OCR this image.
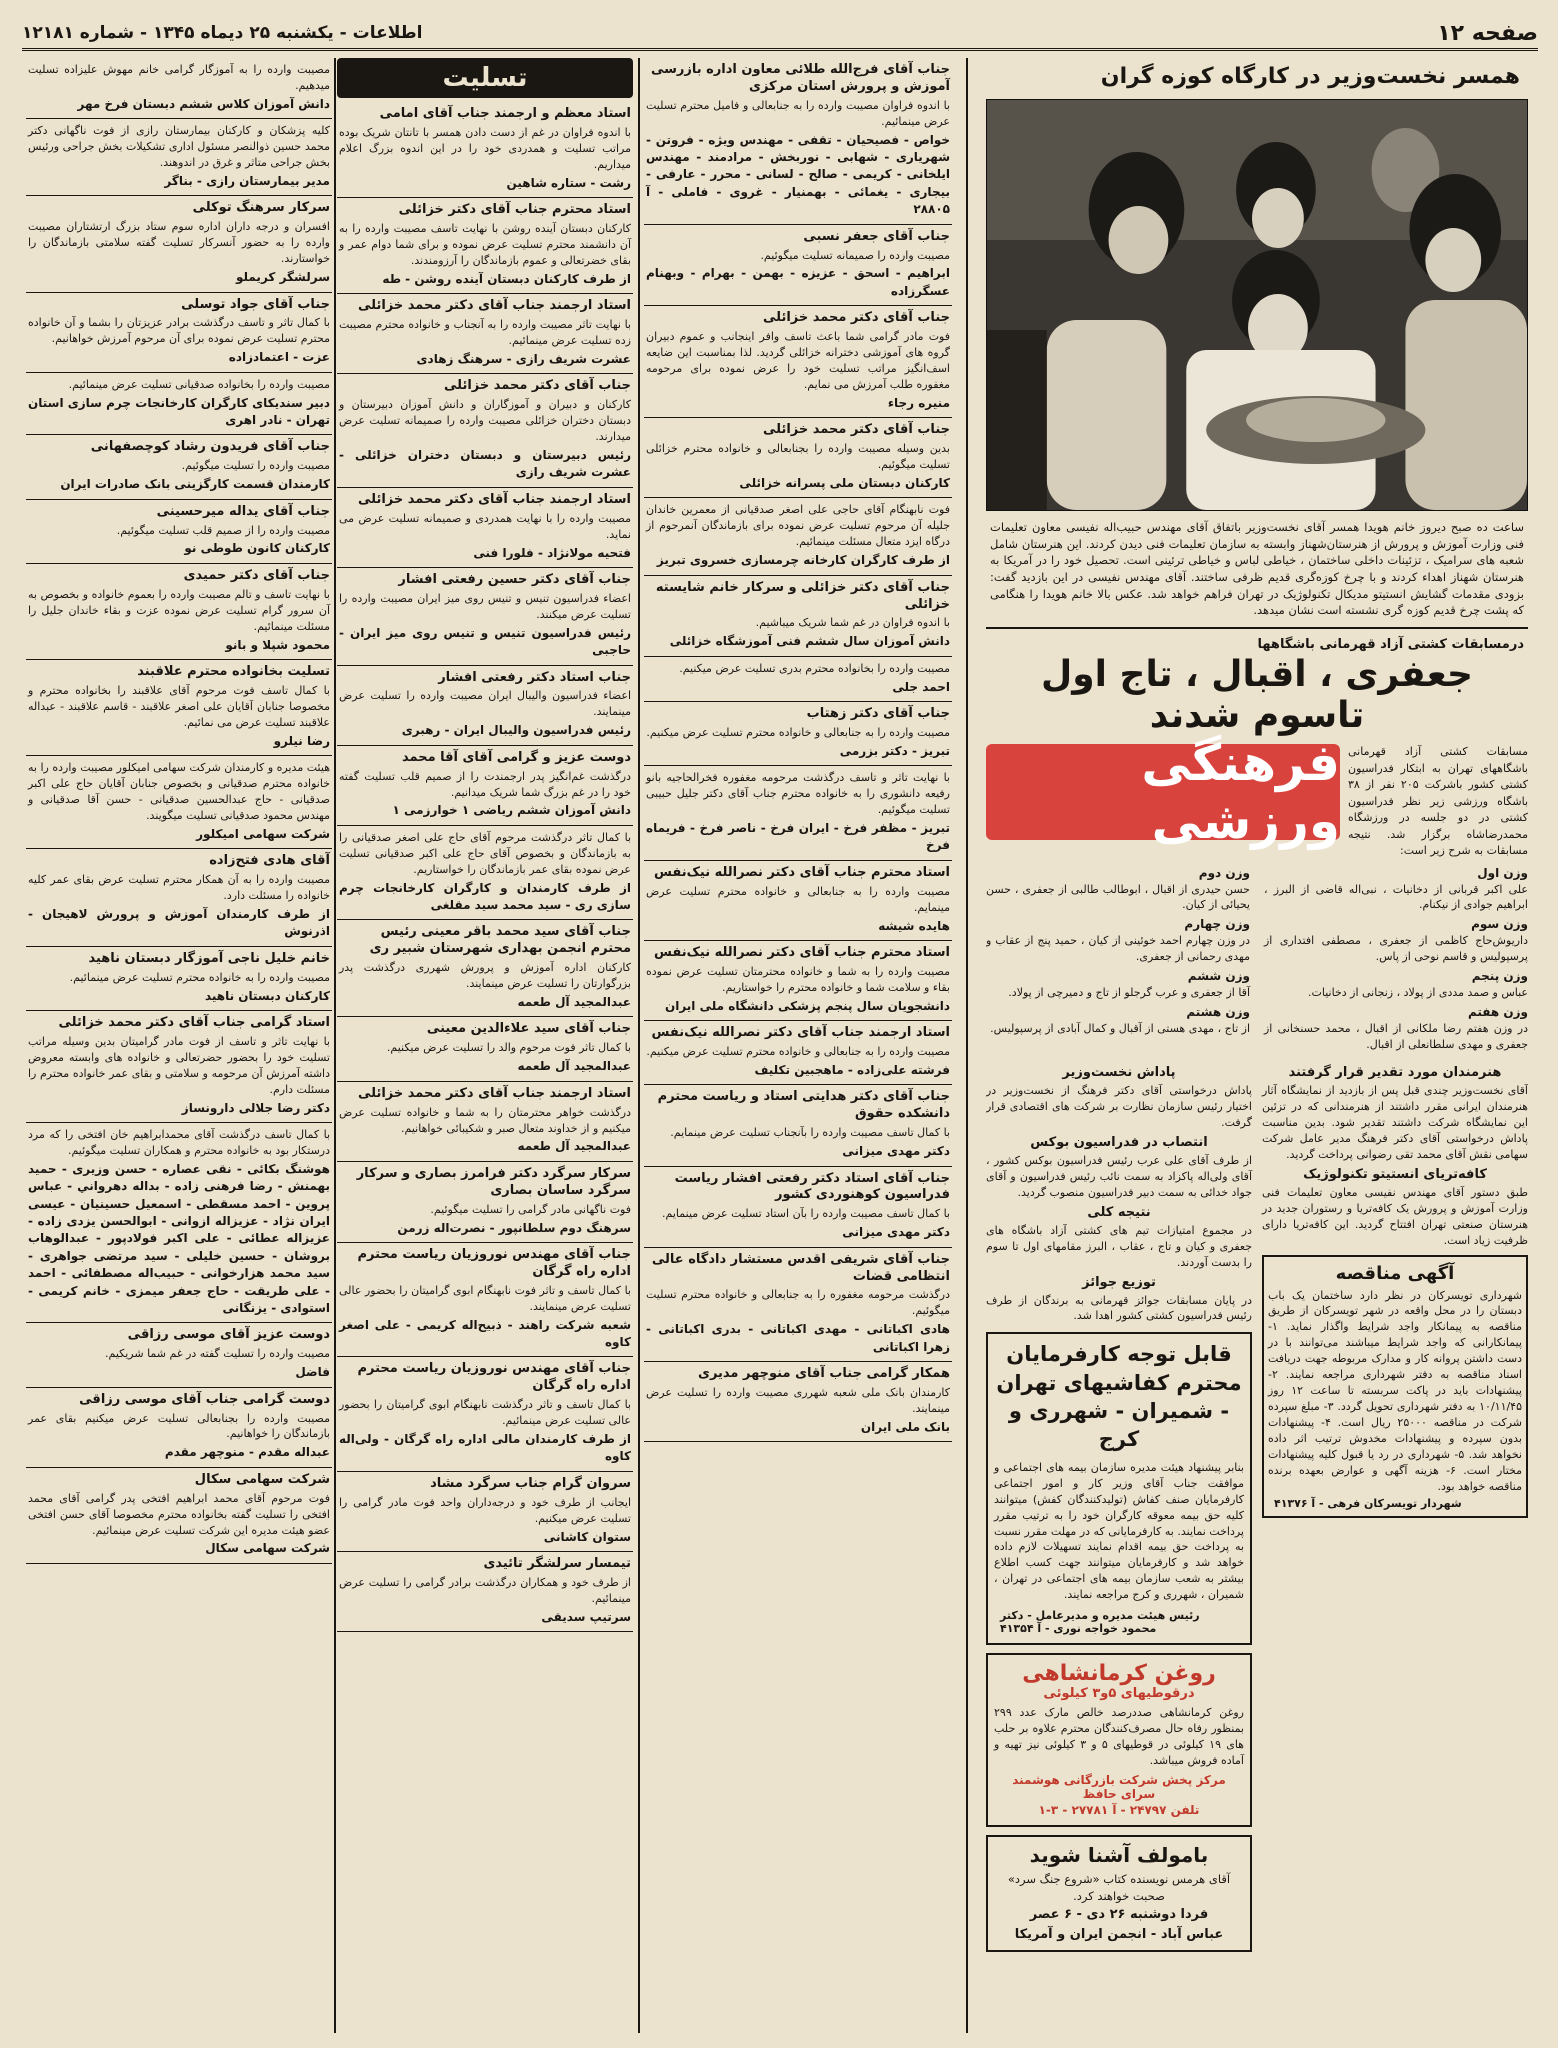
صفحه ۱۲
اطلاعات - یکشنبه ۲۵ دیماه ۱۳۴۵ - شماره ۱۲۱۸۱
همسر نخست‌وزیر در کارگاه کوزه گران
ساعت ده صبح دیروز خانم هویدا همسر آقای نخست‌وزیر باتفاق آقای مهندس حبیب‌اله نفیسی معاون تعلیمات فنی وزارت آموزش و پرورش از هنرستان‌شهناز وابسته به سازمان تعلیمات فنی دیدن کردند. این هنرستان شامل شعبه های سرامیک ، تزئینات داخلی ساختمان ، خیاطی لباس و خیاطی ترئینی است. تحصیل خود را در آمریکا به هنرستان شهناز اهداء کردند و با چرخ کوزه‌گری قدیم ظرفی ساختند. آقای مهندس نفیسی در این بازدید گفت: بزودی مقدمات گشایش انستیتو مدیکال تکنولوژیک در تهران فراهم خواهد شد. عکس بالا خانم هویدا را هنگامی که پشت چرخ قدیم کوزه گری نشسته است نشان میدهد.
درمسابقات کشتی آزاد قهرمانی باشگاهها
جعفری ، اقبال ، تاج اول تاسوم شدند
مسابقات کشتی آزاد قهرمانی باشگاههای تهران به ابتکار فدراسیون کشتی کشور باشرکت ۲۰۵ نفر از ۳۸ باشگاه ورزشی زیر نظر فدراسیون کشتی در دو جلسه در ورزشگاه محمدرضاشاه برگزار شد. نتیجه مسابقات به شرح زیر است:
فرهنگی ورزشی
وزن اول

علی اکبر قربانی از دخانیات ، نبی‌اله قاضی از البرز ، ابراهیم جوادی از نیکنام.

وزن دوم

حسن حیدری از اقبال ، ابوطالب طالبی از جعفری ، حسن یحیائی از کیان.

وزن سوم

داریوش‌حاج کاظمی از جعفری ، مصطفی افتداری از پرسپولیس و قاسم نوحی از پاس.

وزن چهارم

در وزن چهارم احمد خوئینی از کیان ، حمید پنج از عقاب و مهدی رحمانی از جعفری.

وزن پنجم

عباس و صمد مددی از پولاد ، زنجانی از دخانیات.

وزن ششم

آقا از جعفری و عرب گرجلو از تاج و دمیرچی از پولاد.

وزن هفتم

در وزن هفتم رضا ملکانی از اقبال ، محمد حسنخانی از جعفری و مهدی سلطانعلی از اقبال.

وزن هشتم

از تاج ، مهدی هستی از آقبال و کمال آبادی از پرسپولیس.

هنرمندان مورد تقدیر قرار گرفتند

آقای نخست‌وزیر چندی قبل پس از بازدید از نمایشگاه آثار هنرمندان ایرانی مقرر داشتند از هنرمندانی که در تزئین این نمایشگاه شرکت داشتند تقدیر شود. بدین مناسبت پاداش درخواستی آقای دکتر فرهنگ مدیر عامل شرکت سهامی نقش آقای محمد تقی رضوانی پرداخت گردید.

کافه‌تریای انستیتو تکنولوژیک

طبق دستور آقای مهندس نفیسی معاون تعلیمات فنی وزارت آموزش و پرورش یک کافه‌تریا و رستوران جدید در هنرستان صنعتی تهران افتتاح گردید. این کافه‌تریا دارای ظرفیت زیاد است.

آگهی مناقصه

شهرداری تویسرکان در نظر دارد ساختمان یک باب دبستان را در محل واقعه در شهر تویسرکان از طریق مناقصه به پیمانکار واجد شرایط واگذار نماید. ۱- پیمانکارانی که واجد شرایط میباشند می‌توانند با در دست داشتن پروانه کار و مدارک مربوطه جهت دریافت اسناد مناقصه به دفتر شهرداری مراجعه نمایند. ۲- پیشنهادات باید در پاکت سربسته تا ساعت ۱۲ روز ۱۰/۱۱/۴۵ به دفتر شهرداری تحویل گردد. ۳- مبلغ سپرده شرکت در مناقصه ۲۵۰۰۰ ریال است. ۴- پیشنهادات بدون سپرده و پیشنهادات مخدوش ترتیب اثر داده نخواهد شد. ۵- شهرداری در رد یا قبول کلیه پیشنهادات مختار است. ۶- هزینه آگهی و عوارض بعهده برنده مناقصه خواهد بود.

شهردار تویسرکان فرهی - آ ۴۱۳۷۶
پاداش نخست‌وزیر

پاداش درخواستی آقای دکتر فرهنگ از نخست‌وزیر در اختیار رئیس سازمان نظارت بر شرکت های اقتصادی قرار گرفت.

انتصاب در فدراسیون بوکس

از طرف آقای علی عرب رئیس فدراسیون بوکس کشور ، آقای ولی‌اله پاکزاد به سمت نائب رئیس فدراسیون و آقای جواد خدائی به سمت دبیر فدراسیون منصوب گردید.

نتیجه کلی

در مجموع امتیازات تیم های کشتی آزاد باشگاه های جعفری و کیان و تاج ، عقاب ، البرز مقامهای اول تا سوم را بدست آوردند.

توزیع جوائز

در پایان مسابقات جوائز قهرمانی به برندگان از طرف رئیس فدراسیون کشتی کشور اهدا شد.

قابل توجه کارفرمایان محترم کفاشیهای تهران - شمیران - شهرری و کرج

بنابر پیشنهاد هیئت مدیره سازمان بیمه های اجتماعی و موافقت جناب آقای وزیر کار و امور اجتماعی کارفرمایان صنف کفاش (تولیدکنندگان کفش) میتوانند کلیه حق بیمه معوقه کارگران خود را به ترتیب مقرر پرداخت نمایند. به کارفرمایانی که در مهلت مقرر نسبت به پرداخت حق بیمه اقدام نمایند تسهیلات لازم داده خواهد شد و کارفرمایان میتوانند جهت کسب اطلاع بیشتر به شعب سازمان بیمه های اجتماعی در تهران ، شمیران ، شهرری و کرج مراجعه نمایند.

رئیس هیئت مدیره و مدیرعامل - دکتر محمود خواجه نوری - آ ۴۱۳۵۴
روغن کرمانشاهی
درقوطیهای ۵و۳ کیلوئی

روغن کرمانشاهی صددرصد خالص مارک عدد ۲۹۹ بمنظور رفاه حال مصرف‌کنندگان محترم علاوه بر حلب های ۱۹ کیلوئی در قوطیهای ۵ و ۳ کیلوئی نیز تهیه و آماده فروش میباشد.

مرکز پخش شرکت بازرگانی هوشمند سرای حافظ
تلفن ۲۴۷۹۷ - آ ۲۷۷۸۱ - ۳-۱
بامولف آشنا شوید

آقای هرمس نویسنده کتاب «شروع جنگ سرد» صحبت خواهند کرد.

فردا دوشنبه ۲۶ دی - ۶ عصر

عباس آباد - انجمن ایران و آمریکا

جناب آقای فرج‌الله طلائی معاون اداره بازرسی آموزش و پرورش استان مرکزی

با اندوه فراوان مصیبت وارده را به جنابعالی و فامیل محترم تسلیت عرض مینمائیم.

خواص - فصیحیان - تقفی - مهندس ویژه - فروتن - شهریاری - شهابی - نوربخش - مرادمند - مهندس ایلخانی - کریمی - صالح - لسانی - محرر - عارفی - بیجاری - یغمائی - بهمنیار - غروی - فاملی - آ ۲۸۸۰۵

جناب آقای جعفر نسبی

مصیبت وارده را صمیمانه تسلیت میگوئیم.

ابراهیم - اسحق - عزیزه - بهمن - بهرام - وبهنام عسگرزاده

جناب آقای دکتر محمد خزائلی

فوت مادر گرامی شما باعث تاسف وافر اینجانب و عموم دبیران گروه های آموزشی دخترانه خزائلی گردید. لذا بمناسبت این ضایعه اسف‌انگیز مراتب تسلیت خود را عرض نموده برای مرحومه مغفوره طلب آمرزش می نمایم.

منیره رجاء

جناب آقای دکتر محمد خزائلی

بدین وسیله مصیبت وارده را بجنابعالی و خانواده محترم خزائلی تسلیت میگوئیم.

کارکنان دبستان ملی پسرانه خزائلی

فوت نابهنگام آقای حاجی علی اصغر صدقیانی از معمرین خاندان جلیله آن مرحوم تسلیت عرض نموده برای بازماندگان آنمرحوم از درگاه ایزد متعال مسئلت مینمائیم.

از طرف کارگران کارخانه چرمسازی خسروی تبریز

جناب آقای دکتر خزائلی و سرکار خانم شایسته خزائلی

با اندوه فراوان در غم شما شریک میباشیم.

دانش آموزان سال ششم فنی آموزشگاه خزائلی

مصیبت وارده را بخانواده محترم بدری تسلیت عرض میکنیم.

احمد جلی

جناب آقای دکتر زهتاب

مصیبت وارده را به جنابعالی و خانواده محترم تسلیت عرض میکنیم.

تبریز - دکتر بزرمی

با نهایت تاثر و تاسف درگذشت مرحومه مغفوره فخرالحاجیه بانو رفیعه دانشوری را به خانواده محترم جناب آقای دکتر جلیل حبیبی تسلیت میگوئیم.

تبریز - مظفر فرخ - ایران فرخ - ناصر فرخ - فریماه فرخ

استاد محترم جناب آقای دکتر نصرالله نیک‌نفس

مصیبت وارده را به جنابعالی و خانواده محترم تسلیت عرض مینمایم.

هایده شیشه

استاد محترم جناب آقای دکتر نصرالله نیک‌نفس

مصیبت وارده را به شما و خانواده محترمتان تسلیت عرض نموده بقاء و سلامت شما و خانواده محترم را خواستاریم.

دانشجویان سال پنجم پزشکی دانشگاه ملی ایران

استاد ارجمند جناب آقای دکتر نصرالله نیک‌نفس

مصیبت وارده را به جنابعالی و خانواده محترم تسلیت عرض میکنیم.

فرشته علی‌زاده - ماهجبین تکلیف

جناب آقای دکتر هدایتی استاد و ریاست محترم دانشکده حقوق

با کمال تاسف مصیبت وارده را بآنجناب تسلیت عرض مینمایم.

دکتر مهدی میزانی

جناب آقای استاد دکتر رفعتی افشار ریاست فدراسیون کوهنوردی کشور

با کمال تاسف مصیبت وارده را بآن استاد تسلیت عرض مینمایم.

دکتر مهدی میزانی

جناب آقای شریفی اقدس مستشار دادگاه عالی انتظامی قضات

درگذشت مرحومه مغفوره را به جنابعالی و خانواده محترم تسلیت میگوئیم.

هادی اکباتانی - مهدی اکباتانی - بدری اکباتانی - زهرا اکباتانی

همکار گرامی جناب آقای منوچهر مدیری

کارمندان بانک ملی شعبه شهرری مصیبت وارده را تسلیت عرض مینمایند.

بانک ملی ایران

تسلیت
استاد معظم و ارجمند جناب آقای امامی

با اندوه فراوان در غم از دست دادن همسر با تانتان شریک بوده مراتب تسلیت و همدردی خود را در این اندوه بزرگ اعلام میداریم.

رشت - ستاره شاهین

استاد محترم جناب آقای دکتر خزائلی

کارکنان دبستان آینده روشن با نهایت تاسف مصیبت وارده را به آن دانشمند محترم تسلیت عرض نموده و برای شما دوام عمر و بقای خضرتعالی و عموم بازماندگان را آرزومندند.

از طرف کارکنان دبستان آینده روشن - طه

استاد ارجمند جناب آقای دکتر محمد خزائلی

با نهایت تاثر مصیبت وارده را به آنجناب و خانواده محترم مصیبت زده تسلیت عرض مینمائیم.

عشرت شریف رازی - سرهنگ زهادی

جناب آقای دکتر محمد خزائلی

کارکنان و دبیران و آموزگاران و دانش آموزان دبیرستان و دبستان دختران خزائلی مصیبت وارده را صمیمانه تسلیت عرض میدارند.

رئیس دبیرستان و دبستان دختران خزائلی - عشرت شریف رازی

استاد ارجمند جناب آقای دکتر محمد خزائلی

مصیبت وارده را با نهایت همدردی و صمیمانه تسلیت عرض می نماید.

فتحیه مولانژاد - فلورا فنی

جناب آقای دکتر حسین رفعتی افشار

اعضاء فدراسیون تنیس و تنیس روی میز ایران مصیبت وارده را تسلیت عرض میکنند.

رئیس فدراسیون تنیس و تنیس روی میز ایران - حاجبی

جناب استاد دکتر رفعتی افشار

اعضاء فدراسیون والیبال ایران مصیبت وارده را تسلیت عرض مینمایند.

رئیس فدراسیون والیبال ایران - رهبری

دوست عزیز و گرامی آقای آقا محمد

درگذشت غم‌انگیز پدر ارجمندت را از صمیم قلب تسلیت گفته خود را در غم بزرگ شما شریک میدانیم.

دانش آموزان ششم ریاضی ۱ خوارزمی ۱

با کمال تاثر درگذشت مرحوم آقای حاج علی اصغر صدقیانی را به بازماندگان و بخصوص آقای حاج علی اکبر صدقیانی تسلیت عرض نموده بقای عمر بازماندگان را خواستاریم.

از طرف کارمندان و کارگران کارخانجات چرم سازی ری - سید محمد سید مقلغی

جناب آقای سید محمد باقر معینی رئیس محترم انجمن بهداری شهرستان شبیر ری

کارکنان اداره آموزش و پرورش شهرری درگذشت پدر بزرگوارتان را تسلیت عرض مینمایند.

عبدالمجید آل طعمه

جناب آقای سید علاءالدین معینی

با کمال تاثر فوت مرحوم والد را تسلیت عرض میکنیم.

عبدالمجید آل طعمه

استاد ارجمند جناب آقای دکتر محمد خزائلی

درگذشت خواهر محترمتان را به شما و خانواده تسلیت عرض میکنیم و از خداوند متعال صبر و شکیبائی خواهانیم.

عبدالمجید آل طعمه

سرکار سرگرد دکتر فرامرز بصاری و سرکار سرگرد ساسان بصاری

فوت ناگهانی مادر گرامی را تسلیت میگوئیم.

سرهنگ دوم سلطانپور - نصرت‌اله زرمن

جناب آقای مهندس نوروزیان ریاست محترم اداره راه گرگان

با کمال تاسف و تاثر فوت نابهنگام ابوی گرامیتان را بحضور عالی تسلیت عرض مینمایند.

شعبه شرکت راهند - ذبیح‌اله کریمی - علی اصغر کاوه

جناب آقای مهندس نوروزیان ریاست محترم اداره راه گرگان

با کمال تاسف و تاثر درگذشت نابهنگام ابوی گرامیتان را بحضور عالی تسلیت عرض مینمائیم.

از طرف کارمندان مالی اداره راه گرگان - ولی‌اله کاوه

سروان گرام جناب سرگرد مشاد

ایجانب از طرف خود و درجه‌داران واحد فوت مادر گرامی را تسلیت عرض میکنیم.

ستوان کاشانی

تیمسار سرلشگر تائیدی

از طرف خود و همکاران درگذشت برادر گرامی را تسلیت عرض مینمائیم.

سرتیپ سدیقی

مصیبت وارده را به آموزگار گرامی خانم مهوش علیزاده تسلیت میدهیم.

دانش آموزان کلاس ششم دبستان فرخ مهر

کلیه پزشکان و کارکنان بیمارستان رازی از فوت ناگهانی دکتر محمد حسین ذوالنصر مسئول اداری تشکیلات بخش جراحی ورئیس بخش جراحی متاثر و غرق در اندوهند.

مدیر بیمارستان رازی - بناگر

سرکار سرهنگ توکلی

افسران و درجه داران اداره سوم ستاد بزرگ ارتشتاران مصیبت وارده را به حضور آنسرکار تسلیت گفته سلامتی بازماندگان را خواستارند.

سرلشگر کریملو

جناب آقای جواد توسلی

با کمال تاثر و تاسف درگذشت برادر عزیزتان را بشما و آن خانواده محترم تسلیت عرض نموده برای آن مرحوم آمرزش خواهانیم.

عزت - اعتمادزاده

مصیبت وارده را بخانواده صدقیانی تسلیت عرض مینمائیم.

دبیر سندیکای کارگران کارخانجات چرم سازی استان تهران - نادر اهری

جناب آقای فریدون رشاد کوچصفهانی

مصیبت وارده را تسلیت میگوئیم.

کارمندان قسمت کارگزینی بانک صادرات ایران

جناب آقای یداله میرحسینی

مصیبت وارده را از صمیم قلب تسلیت میگوئیم.

کارکنان کانون طوطی نو

جناب آقای دکتر حمیدی

با نهایت تاسف و تالم مصیبت وارده را بعموم خانواده و بخصوص به آن سرور گرام تسلیت عرض نموده عزت و بقاء خاندان جلیل را مسئلت مینمائیم.

محمود شپلا و بانو

تسلیت بخانواده محترم علاقبند

با کمال تاسف فوت مرحوم آقای علاقبند را بخانواده محترم و مخصوصا جنابان آقایان علی اصغر علاقبند - قاسم علاقبند - عبداله علاقبند تسلیت عرض می نمائیم.

رضا نیلرو

هیئت مدیره و کارمندان شرکت سهامی امیکلور مصیبت وارده را به خانواده محترم صدقیانی و بخصوص جنابان آقایان حاج علی اکبر صدقیانی - حاج عبدالحسین صدقیانی - حسن آقا صدقیانی و مهندس محمود صدقیانی تسلیت میگویند.

شرکت سهامی امیکلور

آقای هادی فتح‌زاده

مصیبت وارده را به آن همکار محترم تسلیت عرض بقای عمر کلیه خانواده را مسئلت دارد.

از طرف کارمندان آموزش و پرورش لاهیجان - اذرنوش

خانم خلیل ناجی آموزگار دبستان ناهید

مصیبت وارده را به خانواده محترم تسلیت عرض مینمائیم.

کارکنان دبستان ناهید

استاد گرامی جناب آقای دکتر محمد خزائلی

با نهایت تاثر و تاسف از فوت مادر گرامیتان بدین وسیله مراتب تسلیت خود را بحضور حضرتعالی و خانواده های وابسته معروض داشته آمرزش آن مرحومه و سلامتی و بقای عمر خانواده محترم را مسئلت دارم.

دکتر رضا جلالی دارونساز

با کمال تاسف درگذشت آقای محمدابراهیم خان افتخی را که مرد درستکار بود به خانواده محترم و همکاران تسلیت میگوئیم.

هوشنگ بکائی - نقی عصاره - حسن وزیری - حمید بهمنش - رضا فرهنی زاده - بداله دهرواني - عباس پروین - احمد مسقطی - اسمعیل حسینیان - عیسی ایران نژاد - عزیزاله ازوانی - ابوالحسن یزدی زاده - عزیزاله عطائی - علی اکبر فولادپور - عبدالوهاب بروشان - حسین خلیلی - سید مرتضی جواهری - سید محمد هزارخوانی - حبیب‌اله مصطفائی - احمد - علی طریقت - حاج جعفر میمزی - خانم کریمی - استوادی - یزنگانی

دوست عزیز آقای موسی رزاقی

مصیبت وارده را تسلیت گفته در غم شما شریکیم.

فاضل

دوست گرامی جناب آقای موسی رزاقی

مصیبت وارده را بجنابعالی تسلیت عرض میکنیم بقای عمر بازماندگان را خواهانیم.

عبداله مقدم - منوچهر مقدم

شرکت سهامی سکال

فوت مرحوم آقای محمد ابراهیم افتخی پدر گرامی آقای محمد افتخی را تسلیت گفته بخانواده محترم مخصوصا آقای حسن افتخی عضو هیئت مدیره این شرکت تسلیت عرض مینمائیم.

شرکت سهامی سکال
